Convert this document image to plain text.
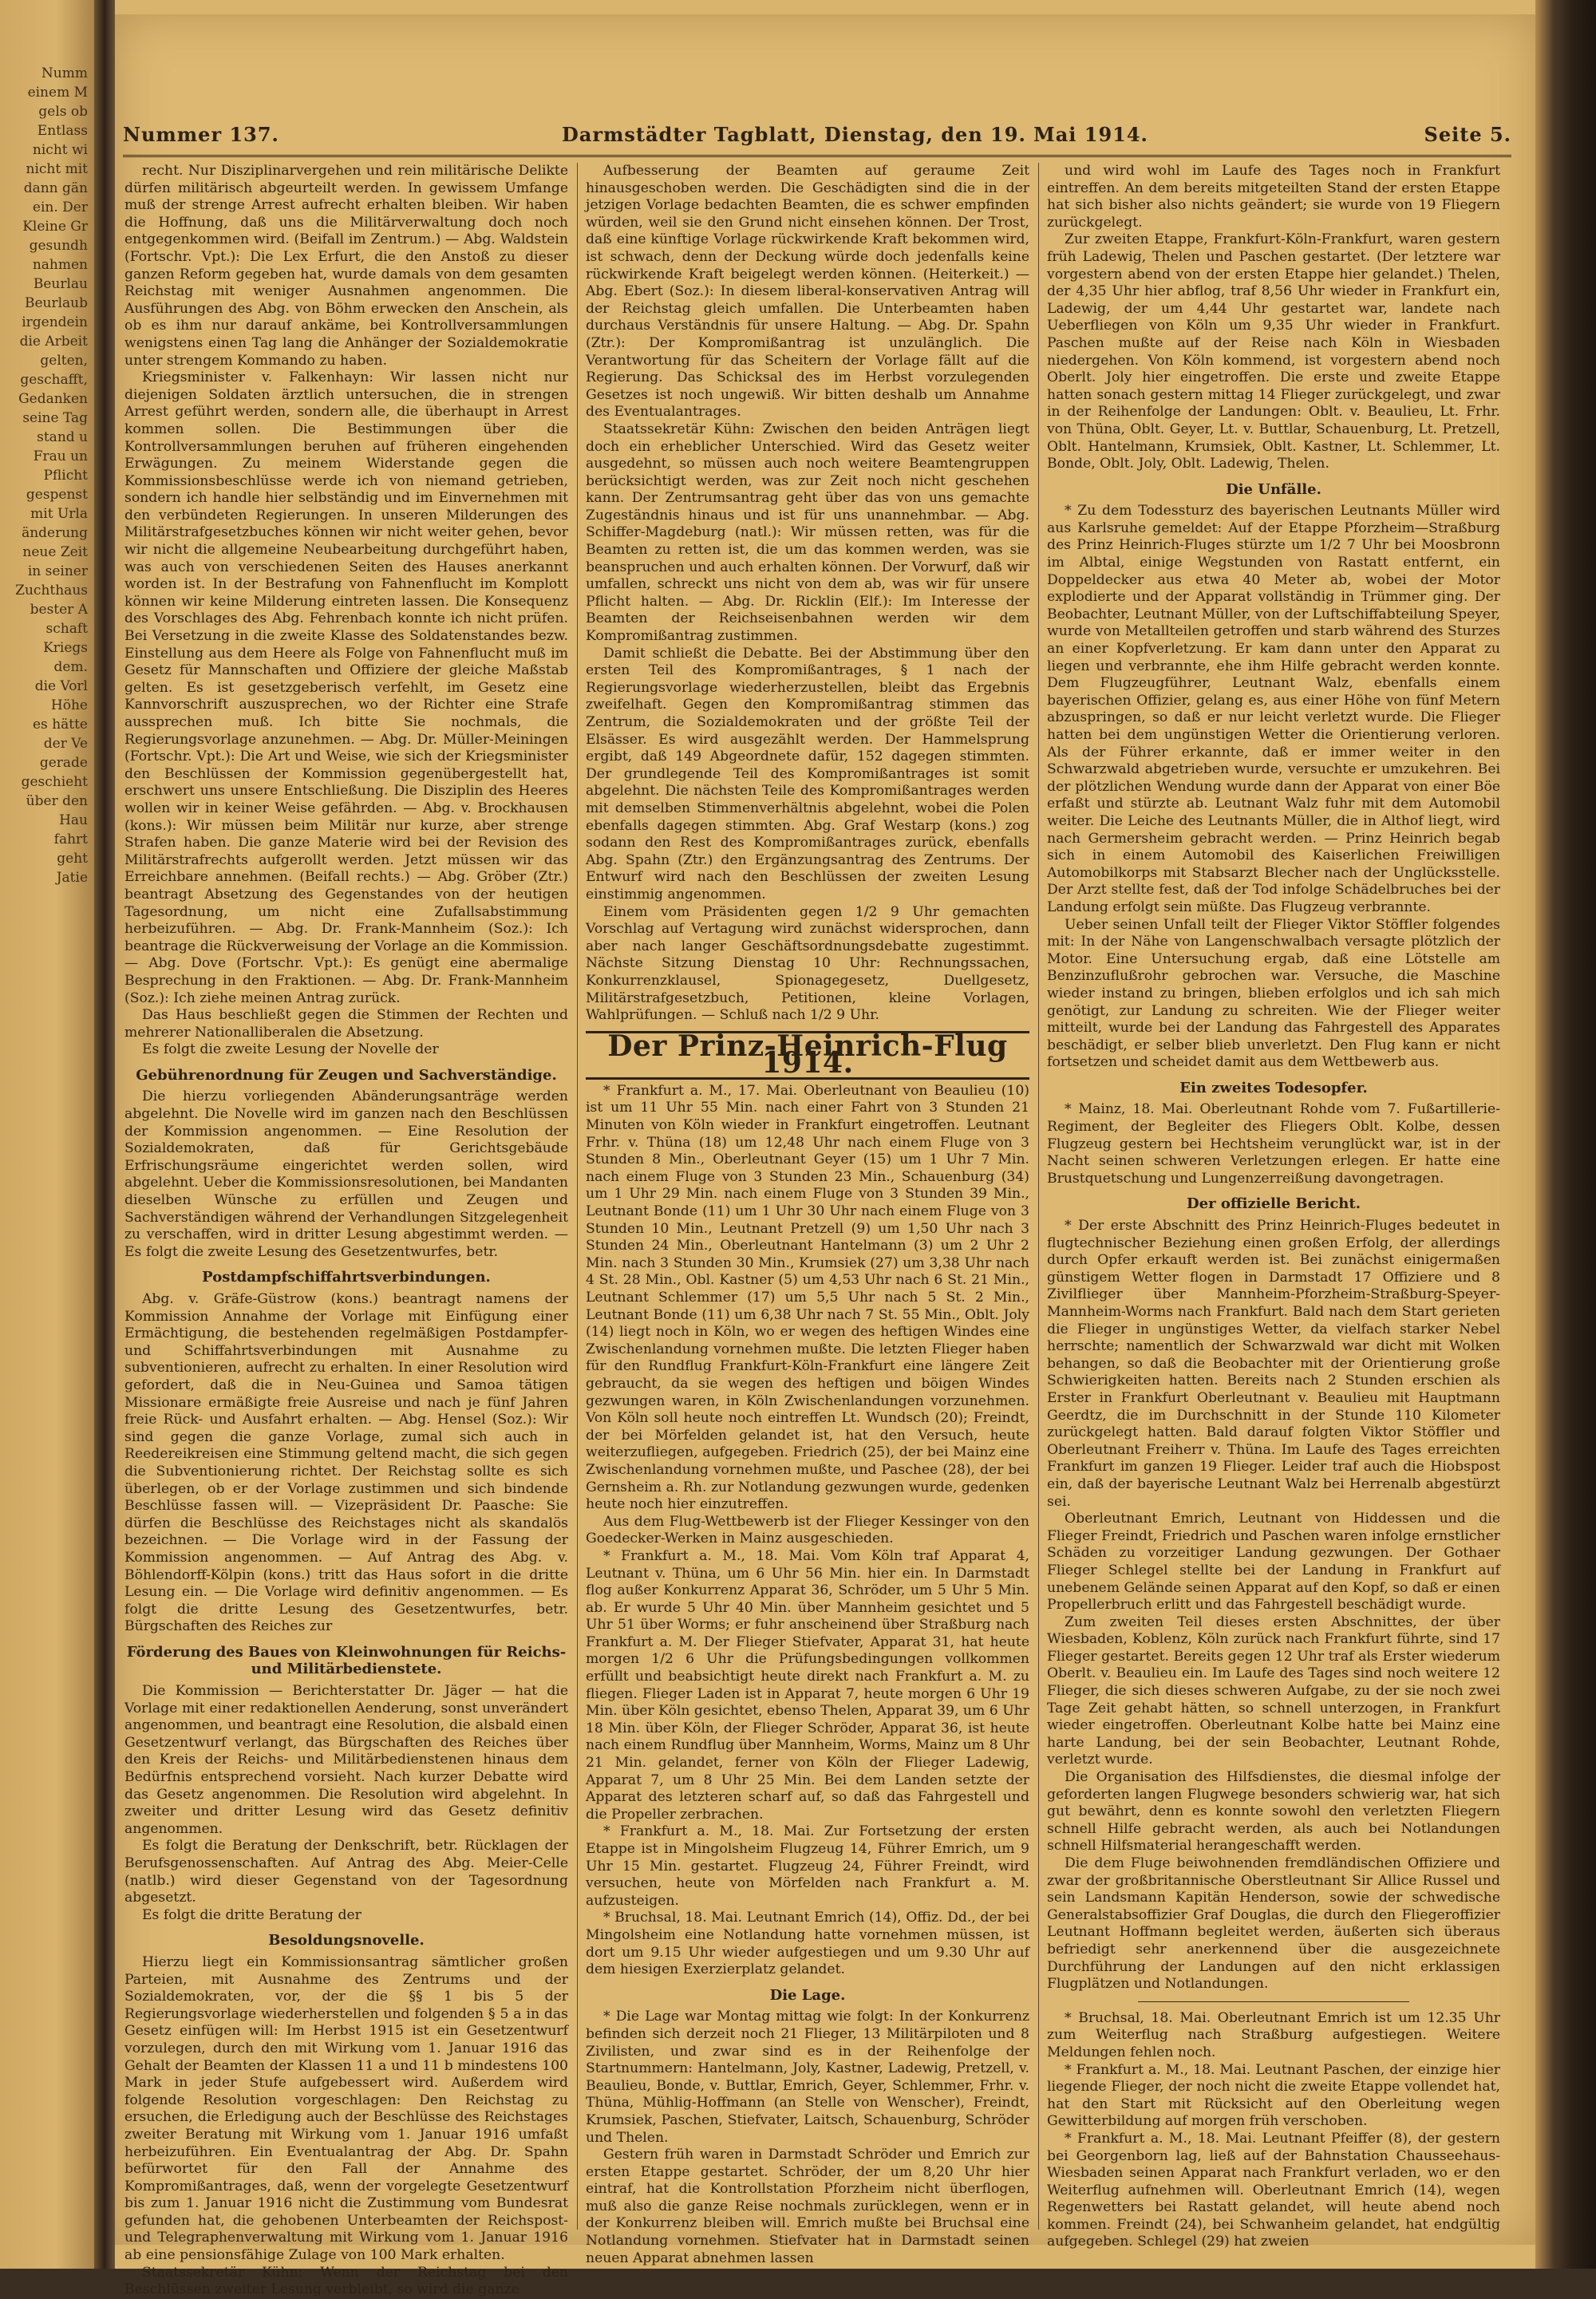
Numm
einem M
gels ob
Entlass
nicht wi
nicht mit
dann gän
ein. Der
Kleine Gr
gesundh
nahmen
Beurlau
Beurlaub
irgendein
die Arbeit
gelten,
geschafft,
Gedanken
seine Tag
stand u
Frau un
Pflicht
gespenst
mit Urla
änderung
neue Zeit
in seiner
Zuchthaus
bester A
schaft
Kriegs
dem.
die Vorl
Höhe
es hätte
der Ve
gerade
geschieht
über den
Hau
fahrt
geht
Jatie
Nummer 137.	Darmstädter Tagblatt, Dienstag, den 19. Mai 1914.	Seite 5.

recht. Nur Disziplinarvergehen und rein militärische Delikte dürfen militärisch abgeurteilt werden. In gewissem Umfange muß der strenge Arrest aufrecht erhalten bleiben. Wir haben die Hoffnung, daß uns die Militärverwaltung doch noch entgegenkommen wird. (Beifall im Zentrum.) — Abg. Waldstein (Fortschr. Vpt.): Die Lex Erfurt, die den Anstoß zu dieser ganzen Reform gegeben hat, wurde damals von dem gesamten Reichstag mit weniger Ausnahmen angenommen. Die Ausführungen des Abg. von Böhm erwecken den Anschein, als ob es ihm nur darauf ankäme, bei Kontrollversammlungen wenigstens einen Tag lang die Anhänger der Sozialdemokratie unter strengem Kommando zu haben.

Kriegsminister v. Falkenhayn: Wir lassen nicht nur diejenigen Soldaten ärztlich untersuchen, die in strengen Arrest geführt werden, sondern alle, die überhaupt in Arrest kommen sollen. Die Bestimmungen über die Kontrollversammlungen beruhen auf früheren eingehenden Erwägungen. Zu meinem Widerstande gegen die Kommissionsbeschlüsse werde ich von niemand getrieben, sondern ich handle hier selbständig und im Einvernehmen mit den verbündeten Regierungen. In unseren Milderungen des Militärstrafgesetzbuches können wir nicht weiter gehen, bevor wir nicht die allgemeine Neubearbeitung durchgeführt haben, was auch von verschiedenen Seiten des Hauses anerkannt worden ist. In der Bestrafung von Fahnenflucht im Komplott können wir keine Milderung eintreten lassen. Die Konsequenz des Vorschlages des Abg. Fehrenbach konnte ich nicht prüfen. Bei Versetzung in die zweite Klasse des Soldatenstandes bezw. Einstellung aus dem Heere als Folge von Fahnenflucht muß im Gesetz für Mannschaften und Offiziere der gleiche Maßstab gelten. Es ist gesetzgeberisch verfehlt, im Gesetz eine Kannvorschrift auszusprechen, wo der Richter eine Strafe aussprechen muß. Ich bitte Sie nochmals, die Regierungsvorlage anzunehmen. — Abg. Dr. Müller-Meiningen (Fortschr. Vpt.): Die Art und Weise, wie sich der Kriegsminister den Beschlüssen der Kommission gegenübergestellt hat, erschwert uns unsere Entschließung. Die Disziplin des Heeres wollen wir in keiner Weise gefährden. — Abg. v. Brockhausen (kons.): Wir müssen beim Militär nur kurze, aber strenge Strafen haben. Die ganze Materie wird bei der Revision des Militärstrafrechts aufgerollt werden. Jetzt müssen wir das Erreichbare annehmen. (Beifall rechts.) — Abg. Gröber (Ztr.) beantragt Absetzung des Gegenstandes von der heutigen Tagesordnung, um nicht eine Zufallsabstimmung herbeizuführen. — Abg. Dr. Frank-Mannheim (Soz.): Ich beantrage die Rückverweisung der Vorlage an die Kommission. — Abg. Dove (Fortschr. Vpt.): Es genügt eine abermalige Besprechung in den Fraktionen. — Abg. Dr. Frank-Mannheim (Soz.): Ich ziehe meinen Antrag zurück.

Das Haus beschließt gegen die Stimmen der Rechten und mehrerer Nationalliberalen die Absetzung.

Es folgt die zweite Lesung der Novelle der

Gebührenordnung für Zeugen und Sachverständige.

Die hierzu vorliegenden Abänderungsanträge werden abgelehnt. Die Novelle wird im ganzen nach den Beschlüssen der Kommission angenommen. — Eine Resolution der Sozialdemokraten, daß für Gerichtsgebäude Erfrischungsräume eingerichtet werden sollen, wird abgelehnt. Ueber die Kommissionsresolutionen, bei Mandanten dieselben Wünsche zu erfüllen und Zeugen und Sachverständigen während der Verhandlungen Sitzgelegenheit zu verschaffen, wird in dritter Lesung abgestimmt werden. — Es folgt die zweite Lesung des Gesetzentwurfes, betr.

Postdampfschiffahrtsverbindungen.

Abg. v. Gräfe-Güstrow (kons.) beantragt namens der Kommission Annahme der Vorlage mit Einfügung einer Ermächtigung, die bestehenden regelmäßigen Postdampfer- und Schiffahrtsverbindungen mit Ausnahme zu subventionieren, aufrecht zu erhalten. In einer Resolution wird gefordert, daß die in Neu-Guinea und Samoa tätigen Missionare ermäßigte freie Ausreise und nach je fünf Jahren freie Rück- und Ausfahrt erhalten. — Abg. Hensel (Soz.): Wir sind gegen die ganze Vorlage, zumal sich auch in Reedereikreisen eine Stimmung geltend macht, die sich gegen die Subventionierung richtet. Der Reichstag sollte es sich überlegen, ob er der Vorlage zustimmen und sich bindende Beschlüsse fassen will. — Vizepräsident Dr. Paasche: Sie dürfen die Beschlüsse des Reichstages nicht als skandalös bezeichnen. — Die Vorlage wird in der Fassung der Kommission angenommen. — Auf Antrag des Abg. v. Böhlendorff-Kölpin (kons.) tritt das Haus sofort in die dritte Lesung ein. — Die Vorlage wird definitiv angenommen. — Es folgt die dritte Lesung des Gesetzentwurfes, betr. Bürgschaften des Reiches zur

Förderung des Baues von Kleinwohnungen für Reichs- und Militärbedienstete.

Die Kommission — Berichterstatter Dr. Jäger — hat die Vorlage mit einer redaktionellen Aenderung, sonst unverändert angenommen, und beantragt eine Resolution, die alsbald einen Gesetzentwurf verlangt, das Bürgschaften des Reiches über den Kreis der Reichs- und Militärbedienstenen hinaus dem Bedürfnis entsprechend vorsieht. Nach kurzer Debatte wird das Gesetz angenommen. Die Resolution wird abgelehnt. In zweiter und dritter Lesung wird das Gesetz definitiv angenommen.

Es folgt die Beratung der Denkschrift, betr. Rücklagen der Berufsgenossenschaften. Auf Antrag des Abg. Meier-Celle (natlb.) wird dieser Gegenstand von der Tagesordnung abgesetzt.

Es folgt die dritte Beratung der

Besoldungsnovelle.

Hierzu liegt ein Kommissionsantrag sämtlicher großen Parteien, mit Ausnahme des Zentrums und der Sozialdemokraten, vor, der die §§ 1 bis 5 der Regierungsvorlage wiederherstellen und folgenden § 5 a in das Gesetz einfügen will: Im Herbst 1915 ist ein Gesetzentwurf vorzulegen, durch den mit Wirkung vom 1. Januar 1916 das Gehalt der Beamten der Klassen 11 a und 11 b mindestens 100 Mark in jeder Stufe aufgebessert wird. Außerdem wird folgende Resolution vorgeschlagen: Den Reichstag zu ersuchen, die Erledigung auch der Beschlüsse des Reichstages zweiter Beratung mit Wirkung vom 1. Januar 1916 umfaßt herbeizuführen. Ein Eventualantrag der Abg. Dr. Spahn befürwortet für den Fall der Annahme des Kompromißantrages, daß, wenn der vorgelegte Gesetzentwurf bis zum 1. Januar 1916 nicht die Zustimmung vom Bundesrat gefunden hat, die gehobenen Unterbeamten der Reichspost- und Telegraphenverwaltung mit Wirkung vom 1. Januar 1916 ab eine pensionsfähige Zulage von 100 Mark erhalten.

Staatssekretär Kühn: Wenn der Reichstag bei den Beschlüssen zweiter Lesung verbleibt, so wird die ganze

Aufbesserung der Beamten auf geraume Zeit hinausgeschoben werden. Die Geschädigten sind die in der jetzigen Vorlage bedachten Beamten, die es schwer empfinden würden, weil sie den Grund nicht einsehen können. Der Trost, daß eine künftige Vorlage rückwirkende Kraft bekommen wird, ist schwach, denn der Deckung würde doch jedenfalls keine rückwirkende Kraft beigelegt werden können. (Heiterkeit.) — Abg. Ebert (Soz.): In diesem liberal-konservativen Antrag will der Reichstag gleich umfallen. Die Unterbeamten haben durchaus Verständnis für unsere Haltung. — Abg. Dr. Spahn (Ztr.): Der Kompromißantrag ist unzulänglich. Die Verantwortung für das Scheitern der Vorlage fällt auf die Regierung. Das Schicksal des im Herbst vorzulegenden Gesetzes ist noch ungewiß. Wir bitten deshalb um Annahme des Eventualantrages.

Staatssekretär Kühn: Zwischen den beiden Anträgen liegt doch ein erheblicher Unterschied. Wird das Gesetz weiter ausgedehnt, so müssen auch noch weitere Beamtengruppen berücksichtigt werden, was zur Zeit noch nicht geschehen kann. Der Zentrumsantrag geht über das von uns gemachte Zugeständnis hinaus und ist für uns unannehmbar. — Abg. Schiffer-Magdeburg (natl.): Wir müssen retten, was für die Beamten zu retten ist, die um das kommen werden, was sie beanspruchen und auch erhalten können. Der Vorwurf, daß wir umfallen, schreckt uns nicht von dem ab, was wir für unsere Pflicht halten. — Abg. Dr. Ricklin (Elf.): Im Interesse der Beamten der Reichseisenbahnen werden wir dem Kompromißantrag zustimmen.

Damit schließt die Debatte. Bei der Abstimmung über den ersten Teil des Kompromißantrages, § 1 nach der Regierungsvorlage wiederherzustellen, bleibt das Ergebnis zweifelhaft. Gegen den Kompromißantrag stimmen das Zentrum, die Sozialdemokraten und der größte Teil der Elsässer. Es wird ausgezählt werden. Der Hammelsprung ergibt, daß 149 Abgeordnete dafür, 152 dagegen stimmten. Der grundlegende Teil des Kompromißantrages ist somit abgelehnt. Die nächsten Teile des Kompromißantrages werden mit demselben Stimmenverhältnis abgelehnt, wobei die Polen ebenfalls dagegen stimmten. Abg. Graf Westarp (kons.) zog sodann den Rest des Kompromißantrages zurück, ebenfalls Abg. Spahn (Ztr.) den Ergänzungsantrag des Zentrums. Der Entwurf wird nach den Beschlüssen der zweiten Lesung einstimmig angenommen.

Einem vom Präsidenten gegen 1/2 9 Uhr gemachten Vorschlag auf Vertagung wird zunächst widersprochen, dann aber nach langer Geschäftsordnungsdebatte zugestimmt. Nächste Sitzung Dienstag 10 Uhr: Rechnungssachen, Konkurrenzklausel, Spionagegesetz, Duellgesetz, Militärstrafgesetzbuch, Petitionen, kleine Vorlagen, Wahlprüfungen. — Schluß nach 1/2 9 Uhr.

Der Prinz-Heinrich-Flug 1914.

* Frankfurt a. M., 17. Mai. Oberleutnant von Beaulieu (10) ist um 11 Uhr 55 Min. nach einer Fahrt von 3 Stunden 21 Minuten von Köln wieder in Frankfurt eingetroffen. Leutnant Frhr. v. Thüna (18) um 12,48 Uhr nach einem Fluge von 3 Stunden 8 Min., Oberleutnant Geyer (15) um 1 Uhr 7 Min. nach einem Fluge von 3 Stunden 23 Min., Schauenburg (34) um 1 Uhr 29 Min. nach einem Fluge von 3 Stunden 39 Min., Leutnant Bonde (11) um 1 Uhr 30 Uhr nach einem Fluge von 3 Stunden 10 Min., Leutnant Pretzell (9) um 1,50 Uhr nach 3 Stunden 24 Min., Oberleutnant Hantelmann (3) um 2 Uhr 2 Min. nach 3 Stunden 30 Min., Krumsiek (27) um 3,38 Uhr nach 4 St. 28 Min., Obl. Kastner (5) um 4,53 Uhr nach 6 St. 21 Min., Leutnant Schlemmer (17) um 5,5 Uhr nach 5 St. 2 Min., Leutnant Bonde (11) um 6,38 Uhr nach 7 St. 55 Min., Oblt. Joly (14) liegt noch in Köln, wo er wegen des heftigen Windes eine Zwischenlandung vornehmen mußte. Die letzten Flieger haben für den Rundflug Frankfurt-Köln-Frankfurt eine längere Zeit gebraucht, da sie wegen des heftigen und böigen Windes gezwungen waren, in Köln Zwischenlandungen vorzunehmen. Von Köln soll heute noch eintreffen Lt. Wundsch (20); Freindt, der bei Mörfelden gelandet ist, hat den Versuch, heute weiterzufliegen, aufgegeben. Friedrich (25), der bei Mainz eine Zwischenlandung vornehmen mußte, und Paschee (28), der bei Gernsheim a. Rh. zur Notlandung gezwungen wurde, gedenken heute noch hier einzutreffen.

Aus dem Flug-Wettbewerb ist der Flieger Kessinger von den Goedecker-Werken in Mainz ausgeschieden.

* Frankfurt a. M., 18. Mai. Vom Köln traf Apparat 4, Leutnant v. Thüna, um 6 Uhr 56 Min. hier ein. In Darmstadt flog außer Konkurrenz Apparat 36, Schröder, um 5 Uhr 5 Min. ab. Er wurde 5 Uhr 40 Min. über Mannheim gesichtet und 5 Uhr 51 über Worms; er fuhr anscheinend über Straßburg nach Frankfurt a. M. Der Flieger Stiefvater, Apparat 31, hat heute morgen 1/2 6 Uhr die Prüfungsbedingungen vollkommen erfüllt und beabsichtigt heute direkt nach Frankfurt a. M. zu fliegen. Flieger Laden ist in Apparat 7, heute morgen 6 Uhr 19 Min. über Köln gesichtet, ebenso Thelen, Apparat 39, um 6 Uhr 18 Min. über Köln, der Flieger Schröder, Apparat 36, ist heute nach einem Rundflug über Mannheim, Worms, Mainz um 8 Uhr 21 Min. gelandet, ferner von Köln der Flieger Ladewig, Apparat 7, um 8 Uhr 25 Min. Bei dem Landen setzte der Apparat des letzteren scharf auf, so daß das Fahrgestell und die Propeller zerbrachen.

* Frankfurt a. M., 18. Mai. Zur Fortsetzung der ersten Etappe ist in Mingolsheim Flugzeug 14, Führer Emrich, um 9 Uhr 15 Min. gestartet. Flugzeug 24, Führer Freindt, wird versuchen, heute von Mörfelden nach Frankfurt a. M. aufzusteigen.

* Bruchsal, 18. Mai. Leutnant Emrich (14), Offiz. Dd., der bei Mingolsheim eine Notlandung hatte vornehmen müssen, ist dort um 9.15 Uhr wieder aufgestiegen und um 9.30 Uhr auf dem hiesigen Exerzierplatz gelandet.

Die Lage.

* Die Lage war Montag mittag wie folgt: In der Konkurrenz befinden sich derzeit noch 21 Flieger, 13 Militärpiloten und 8 Zivilisten, und zwar sind es in der Reihenfolge der Startnummern: Hantelmann, Joly, Kastner, Ladewig, Pretzell, v. Beaulieu, Bonde, v. Buttlar, Emrich, Geyer, Schlemmer, Frhr. v. Thüna, Mühlig-Hoffmann (an Stelle von Wenscher), Freindt, Krumsiek, Paschen, Stiefvater, Laitsch, Schauenburg, Schröder und Thelen.

Gestern früh waren in Darmstadt Schröder und Emrich zur ersten Etappe gestartet. Schröder, der um 8,20 Uhr hier eintraf, hat die Kontrollstation Pforzheim nicht überflogen, muß also die ganze Reise nochmals zurücklegen, wenn er in der Konkurrenz bleiben will. Emrich mußte bei Bruchsal eine Notlandung vornehmen. Stiefvater hat in Darmstadt seinen neuen Apparat abnehmen lassen

und wird wohl im Laufe des Tages noch in Frankfurt eintreffen. An dem bereits mitgeteilten Stand der ersten Etappe hat sich bisher also nichts geändert; sie wurde von 19 Fliegern zurückgelegt.

Zur zweiten Etappe, Frankfurt-Köln-Frankfurt, waren gestern früh Ladewig, Thelen und Paschen gestartet. (Der letztere war vorgestern abend von der ersten Etappe hier gelandet.) Thelen, der 4,35 Uhr hier abflog, traf 8,56 Uhr wieder in Frankfurt ein, Ladewig, der um 4,44 Uhr gestartet war, landete nach Ueberfliegen von Köln um 9,35 Uhr wieder in Frankfurt. Paschen mußte auf der Reise nach Köln in Wiesbaden niedergehen. Von Köln kommend, ist vorgestern abend noch Oberlt. Joly hier eingetroffen. Die erste und zweite Etappe hatten sonach gestern mittag 14 Flieger zurückgelegt, und zwar in der Reihenfolge der Landungen: Oblt. v. Beaulieu, Lt. Frhr. von Thüna, Oblt. Geyer, Lt. v. Buttlar, Schauenburg, Lt. Pretzell, Oblt. Hantelmann, Krumsiek, Oblt. Kastner, Lt. Schlemmer, Lt. Bonde, Oblt. Joly, Oblt. Ladewig, Thelen.

Die Unfälle.

* Zu dem Todessturz des bayerischen Leutnants Müller wird aus Karlsruhe gemeldet: Auf der Etappe Pforzheim—Straßburg des Prinz Heinrich-Fluges stürzte um 1/2 7 Uhr bei Moosbronn im Albtal, einige Wegstunden von Rastatt entfernt, ein Doppeldecker aus etwa 40 Meter ab, wobei der Motor explodierte und der Apparat vollständig in Trümmer ging. Der Beobachter, Leutnant Müller, von der Luftschiffabteilung Speyer, wurde von Metallteilen getroffen und starb während des Sturzes an einer Kopfverletzung. Er kam dann unter den Apparat zu liegen und verbrannte, ehe ihm Hilfe gebracht werden konnte. Dem Flugzeugführer, Leutnant Walz, ebenfalls einem bayerischen Offizier, gelang es, aus einer Höhe von fünf Metern abzuspringen, so daß er nur leicht verletzt wurde. Die Flieger hatten bei dem ungünstigen Wetter die Orientierung verloren. Als der Führer erkannte, daß er immer weiter in den Schwarzwald abgetrieben wurde, versuchte er umzukehren. Bei der plötzlichen Wendung wurde dann der Apparat von einer Böe erfaßt und stürzte ab. Leutnant Walz fuhr mit dem Automobil weiter. Die Leiche des Leutnants Müller, die in Althof liegt, wird nach Germersheim gebracht werden. — Prinz Heinrich begab sich in einem Automobil des Kaiserlichen Freiwilligen Automobilkorps mit Stabsarzt Blecher nach der Unglücksstelle. Der Arzt stellte fest, daß der Tod infolge Schädelbruches bei der Landung erfolgt sein müßte. Das Flugzeug verbrannte.

Ueber seinen Unfall teilt der Flieger Viktor Stöffler folgendes mit: In der Nähe von Langenschwalbach versagte plötzlich der Motor. Eine Untersuchung ergab, daß eine Lötstelle am Benzinzuflußrohr gebrochen war. Versuche, die Maschine wieder instand zu bringen, blieben erfolglos und ich sah mich genötigt, zur Landung zu schreiten. Wie der Flieger weiter mitteilt, wurde bei der Landung das Fahrgestell des Apparates beschädigt, er selber blieb unverletzt. Den Flug kann er nicht fortsetzen und scheidet damit aus dem Wettbewerb aus.

Ein zweites Todesopfer.

* Mainz, 18. Mai. Oberleutnant Rohde vom 7. Fußartillerie-Regiment, der Begleiter des Fliegers Oblt. Kolbe, dessen Flugzeug gestern bei Hechtsheim verunglückt war, ist in der Nacht seinen schweren Verletzungen erlegen. Er hatte eine Brustquetschung und Lungenzerreißung davongetragen.

Der offizielle Bericht.

* Der erste Abschnitt des Prinz Heinrich-Fluges bedeutet in flugtechnischer Beziehung einen großen Erfolg, der allerdings durch Opfer erkauft werden ist. Bei zunächst einigermaßen günstigem Wetter flogen in Darmstadt 17 Offiziere und 8 Zivilflieger über Mannheim-Pforzheim-Straßburg-Speyer-Mannheim-Worms nach Frankfurt. Bald nach dem Start gerieten die Flieger in ungünstiges Wetter, da vielfach starker Nebel herrschte; namentlich der Schwarzwald war dicht mit Wolken behangen, so daß die Beobachter mit der Orientierung große Schwierigkeiten hatten. Bereits nach 2 Stunden erschien als Erster in Frankfurt Oberleutnant v. Beaulieu mit Hauptmann Geerdtz, die im Durchschnitt in der Stunde 110 Kilometer zurückgelegt hatten. Bald darauf folgten Viktor Stöffler und Oberleutnant Freiherr v. Thüna. Im Laufe des Tages erreichten Frankfurt im ganzen 19 Flieger. Leider traf auch die Hiobspost ein, daß der bayerische Leutnant Walz bei Herrenalb abgestürzt sei.

Oberleutnant Emrich, Leutnant von Hiddessen und die Flieger Freindt, Friedrich und Paschen waren infolge ernstlicher Schäden zu vorzeitiger Landung gezwungen. Der Gothaer Flieger Schlegel stellte bei der Landung in Frankfurt auf unebenem Gelände seinen Apparat auf den Kopf, so daß er einen Propellerbruch erlitt und das Fahrgestell beschädigt wurde.

Zum zweiten Teil dieses ersten Abschnittes, der über Wiesbaden, Koblenz, Köln zurück nach Frankfurt führte, sind 17 Flieger gestartet. Bereits gegen 12 Uhr traf als Erster wiederum Oberlt. v. Beaulieu ein. Im Laufe des Tages sind noch weitere 12 Flieger, die sich dieses schweren Aufgabe, zu der sie noch zwei Tage Zeit gehabt hätten, so schnell unterzogen, in Frankfurt wieder eingetroffen. Oberleutnant Kolbe hatte bei Mainz eine harte Landung, bei der sein Beobachter, Leutnant Rohde, verletzt wurde.

Die Organisation des Hilfsdienstes, die diesmal infolge der geforderten langen Flugwege besonders schwierig war, hat sich gut bewährt, denn es konnte sowohl den verletzten Fliegern schnell Hilfe gebracht werden, als auch bei Notlandungen schnell Hilfsmaterial herangeschafft werden.

Die dem Fluge beiwohnenden fremdländischen Offiziere und zwar der großbritannische Oberstleutnant Sir Allice Russel und sein Landsmann Kapitän Henderson, sowie der schwedische Generalstabsoffizier Graf Douglas, die durch den Fliegeroffizier Leutnant Hoffmann begleitet werden, äußerten sich überaus befriedigt sehr anerkennend über die ausgezeichnete Durchführung der Landungen auf den nicht erklassigen Flugplätzen und Notlandungen.

* Bruchsal, 18. Mai. Oberleutnant Emrich ist um 12.35 Uhr zum Weiterflug nach Straßburg aufgestiegen. Weitere Meldungen fehlen noch.

* Frankfurt a. M., 18. Mai. Leutnant Paschen, der einzige hier liegende Flieger, der noch nicht die zweite Etappe vollendet hat, hat den Start mit Rücksicht auf den Oberleitung wegen Gewitterbildung auf morgen früh verschoben.

* Frankfurt a. M., 18. Mai. Leutnant Pfeiffer (8), der gestern bei Georgenborn lag, ließ auf der Bahnstation Chausseehaus-Wiesbaden seinen Apparat nach Frankfurt verladen, wo er den Weiterflug aufnehmen will. Oberleutnant Emrich (14), wegen Regenwetters bei Rastatt gelandet, will heute abend noch kommen. Freindt (24), bei Schwanheim gelandet, hat endgültig aufgegeben. Schlegel (29) hat zweien
